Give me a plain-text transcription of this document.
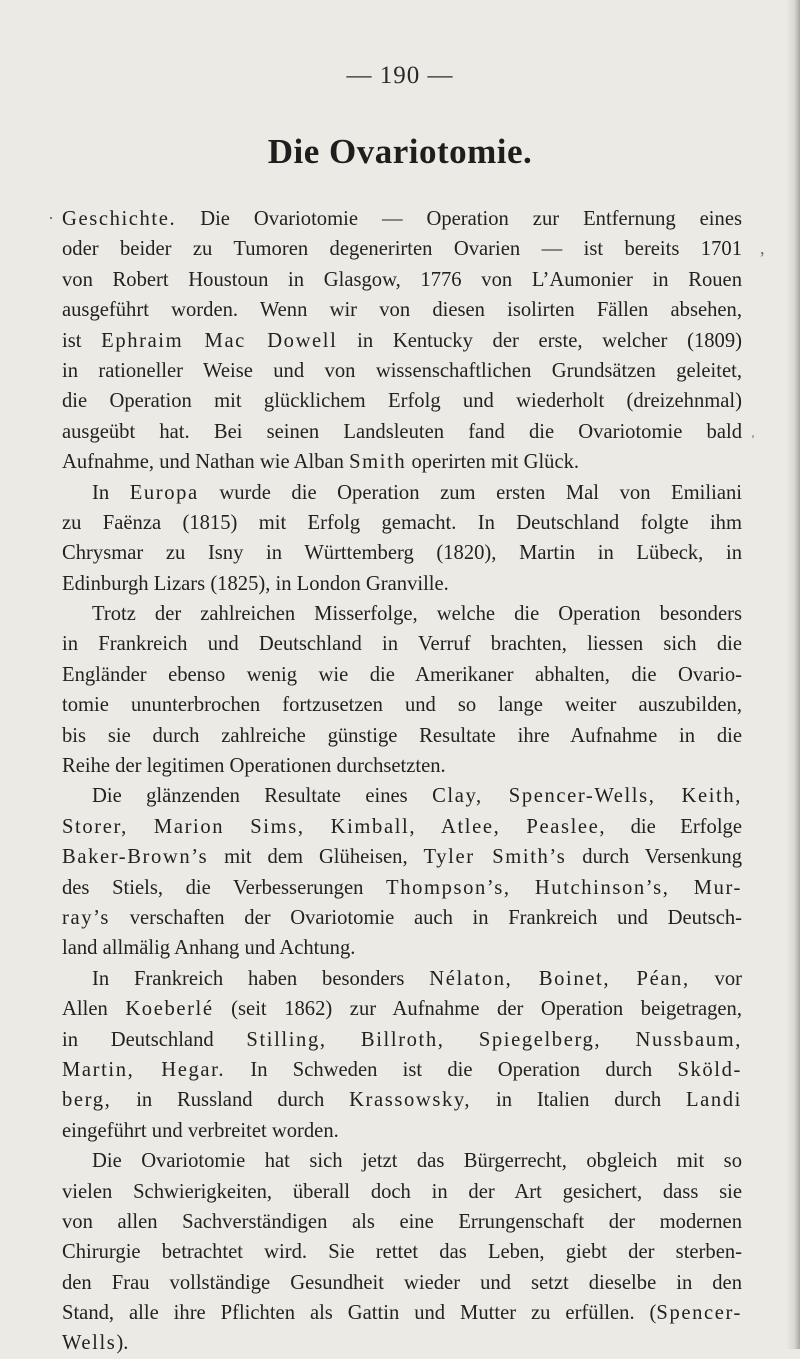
— 190 —
Die Ovariotomie.
·
,
ˌ
Geschichte. Die Ovariotomie — Operation zur Entfernung eines
oder beider zu Tumoren degenerirten Ovarien — ist bereits 1701
von Robert Houstoun in Glasgow, 1776 von L’Aumonier in Rouen
ausgeführt worden. Wenn wir von diesen isolirten Fällen absehen,
ist Ephraim Mac Dowell in Kentucky der erste, welcher (1809)
in rationeller Weise und von wissenschaftlichen Grundsätzen geleitet,
die Operation mit glücklichem Erfolg und wiederholt (dreizehnmal)
ausgeübt hat. Bei seinen Landsleuten fand die Ovariotomie bald
Aufnahme, und Nathan wie Alban Smith operirten mit Glück.
In Europa wurde die Operation zum ersten Mal von Emiliani
zu Faënza (1815) mit Erfolg gemacht. In Deutschland folgte ihm
Chrysmar zu Isny in Württemberg (1820), Martin in Lübeck, in
Edinburgh Lizars (1825), in London Granville.
Trotz der zahlreichen Misserfolge, welche die Operation besonders
in Frankreich und Deutschland in Verruf brachten, liessen sich die
Engländer ebenso wenig wie die Amerikaner abhalten, die Ovario-
tomie ununterbrochen fortzusetzen und so lange weiter auszubilden,
bis sie durch zahlreiche günstige Resultate ihre Aufnahme in die
Reihe der legitimen Operationen durchsetzten.
Die glänzenden Resultate eines Clay, Spencer-Wells, Keith,
Storer, Marion Sims, Kimball, Atlee, Peaslee, die Erfolge
Baker-Brown’s mit dem Glüheisen, Tyler Smith’s durch Versenkung
des Stiels, die Verbesserungen Thompson’s, Hutchinson’s, Mur-
ray’s verschaften der Ovariotomie auch in Frankreich und Deutsch-
land allmälig Anhang und Achtung.
In Frankreich haben besonders Nélaton, Boinet, Péan, vor
Allen Koeberlé (seit 1862) zur Aufnahme der Operation beigetragen,
in Deutschland Stilling, Billroth, Spiegelberg, Nussbaum,
Martin, Hegar. In Schweden ist die Operation durch Sköld-
berg, in Russland durch Krassowsky, in Italien durch Landi
eingeführt und verbreitet worden.
Die Ovariotomie hat sich jetzt das Bürgerrecht, obgleich mit so
vielen Schwierigkeiten, überall doch in der Art gesichert, dass sie
von allen Sachverständigen als eine Errungenschaft der modernen
Chirurgie betrachtet wird. Sie rettet das Leben, giebt der sterben-
den Frau vollständige Gesundheit wieder und setzt dieselbe in den
Stand, alle ihre Pflichten als Gattin und Mutter zu erfüllen. (Spencer-
Wells).
